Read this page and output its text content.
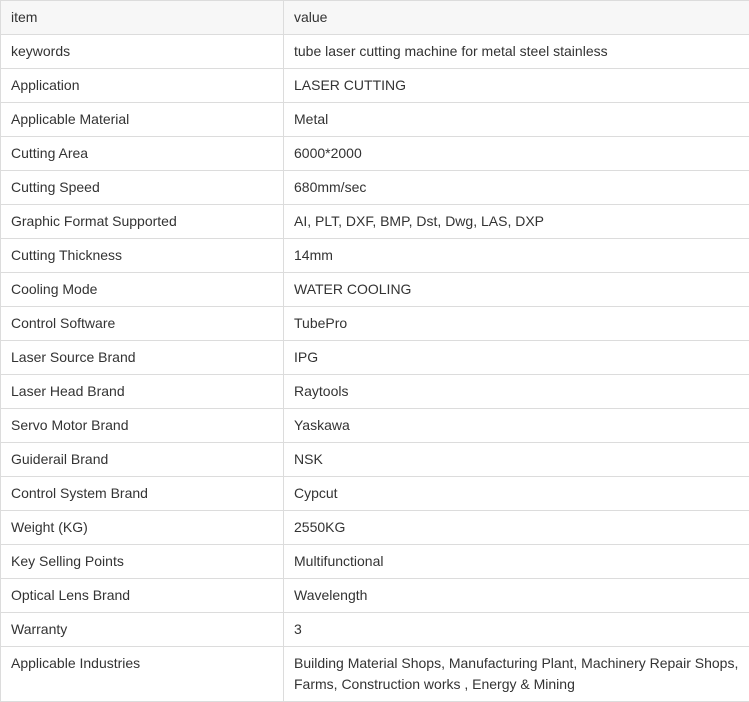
item	value
keywords	tube laser cutting machine for metal steel stainless
Application	LASER CUTTING
Applicable Material	Metal
Cutting Area	6000*2000
Cutting Speed	680mm/sec
Graphic Format Supported	AI, PLT, DXF, BMP, Dst, Dwg, LAS, DXP
Cutting Thickness	14mm
Cooling Mode	WATER COOLING
Control Software	TubePro
Laser Source Brand	IPG
Laser Head Brand	Raytools
Servo Motor Brand	Yaskawa
Guiderail Brand	NSK
Control System Brand	Cypcut
Weight (KG)	2550KG
Key Selling Points	Multifunctional
Optical Lens Brand	Wavelength
Warranty	3
Applicable Industries	Building Material Shops, Manufacturing Plant, Machinery Repair Shops, Farms, Construction works , Energy & Mining
